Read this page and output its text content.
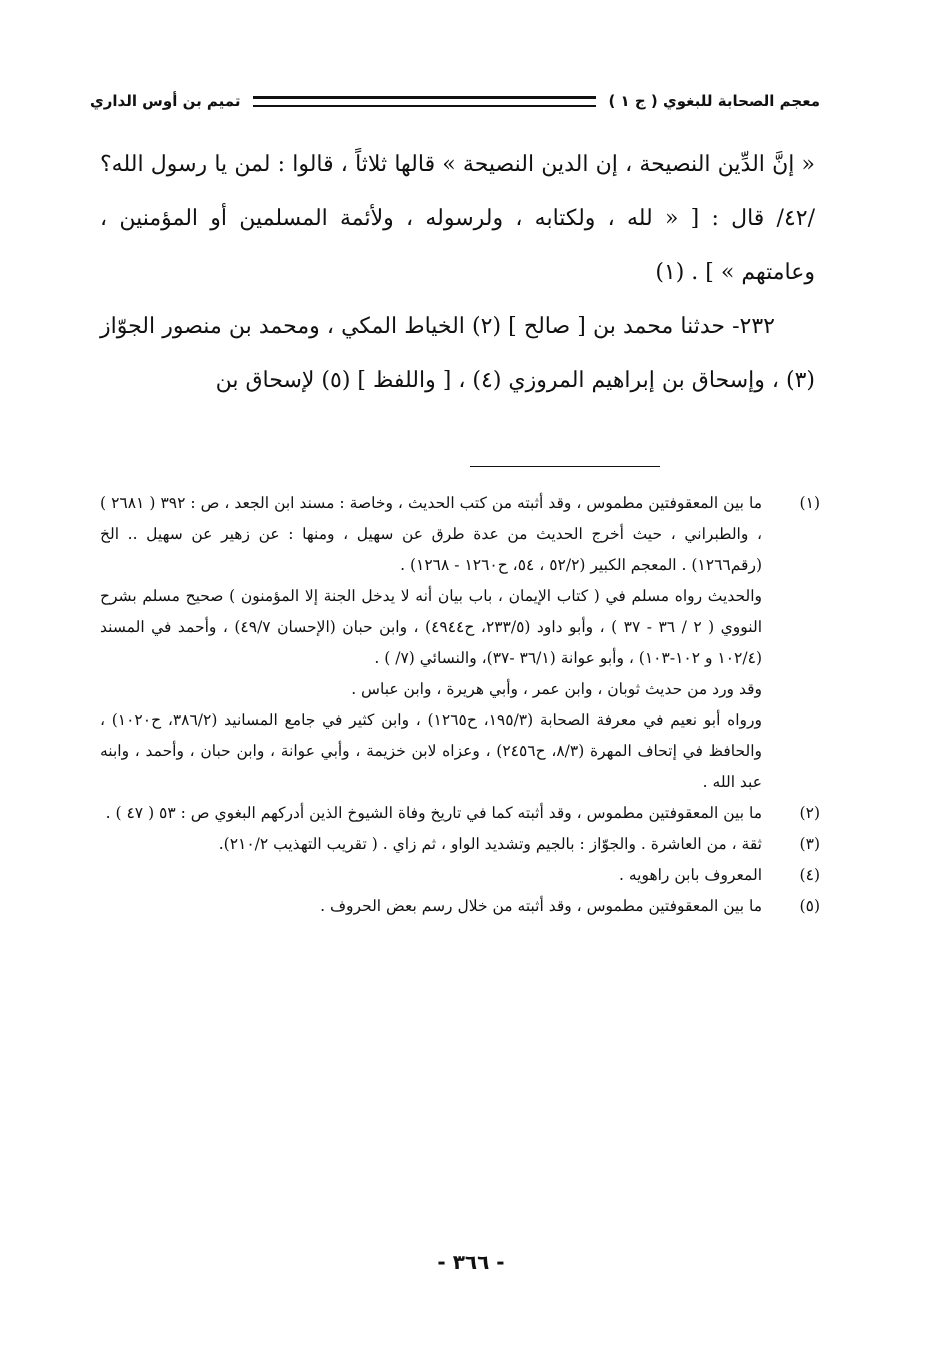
معجم الصحابة للبغوي ( ج ١ )
تميم بن أوس الداري

« إنَّ الدِّين النصيحة ، إن الدين النصيحة » قالها ثلاثاً ، قالوا : لمن يا رسول الله؟ /٤٢/ قال : [ « لله ، ولكتابه ، ولرسوله ، ولأئمة المسلمين أو المؤمنين ، وعامتهم » ] . (١)

٢٣٢- حدثنا محمد بن [ صالح ] (٢) الخياط المكي ، ومحمد بن منصور الجوّاز (٣) ، وإسحاق بن إبراهيم المروزي (٤) ، [ واللفظ ] (٥) لإسحاق بن

(١)

ما بين المعقوفتين مطموس ، وقد أثبته من كتب الحديث ، وخاصة : مسند ابن الجعد ، ص : ٣٩٢ ( ٢٦٨١ ) ، والطبراني ، حيث أخرج الحديث من عدة طرق عن سهيل ، ومنها : عن زهير عن سهيل .. الخ (رقم١٢٦٦) . المعجم الكبير (٥٢/٢ ، ٥٤، ح١٢٦٠ - ١٢٦٨) .

والحديث رواه مسلم في ( كتاب الإيمان ، باب بيان أنه لا يدخل الجنة إلا المؤمنون ) صحيح مسلم بشرح النووي ( ٢ / ٣٦ - ٣٧ ) ، وأبو داود (٢٣٣/٥، ح٤٩٤٤) ، وابن حبان (الإحسان ٤٩/٧) ، وأحمد في المسند (١٠٢/٤ و ١٠٢-١٠٣) ، وأبو عوانة (٣٦/١ -٣٧)، والنسائي (٧/ ) .

وقد ورد من حديث ثوبان ، وابن عمر ، وأبي هريرة ، وابن عباس .

ورواه أبو نعيم في معرفة الصحابة (١٩٥/٣، ح١٢٦٥) ، وابن كثير في جامع المسانيد (٣٨٦/٢، ح١٠٢٠) ، والحافظ في إتحاف المهرة (٨/٣، ح٢٤٥٦) ، وعزاه لابن خزيمة ، وأبي عوانة ، وابن حبان ، وأحمد ، وابنه عبد الله .

(٢)

ما بين المعقوفتين مطموس ، وقد أثبته كما في تاريخ وفاة الشيوخ الذين أدركهم البغوي ص : ٥٣ ( ٤٧ ) .

(٣)

ثقة ، من العاشرة . والجوّاز : بالجيم وتشديد الواو ، ثم زاي . ( تقريب التهذيب ٢١٠/٢).

(٤)

المعروف بابن راهويه .

(٥)

ما بين المعقوفتين مطموس ، وقد أثبته من خلال رسم بعض الحروف .

- ٣٦٦ -
